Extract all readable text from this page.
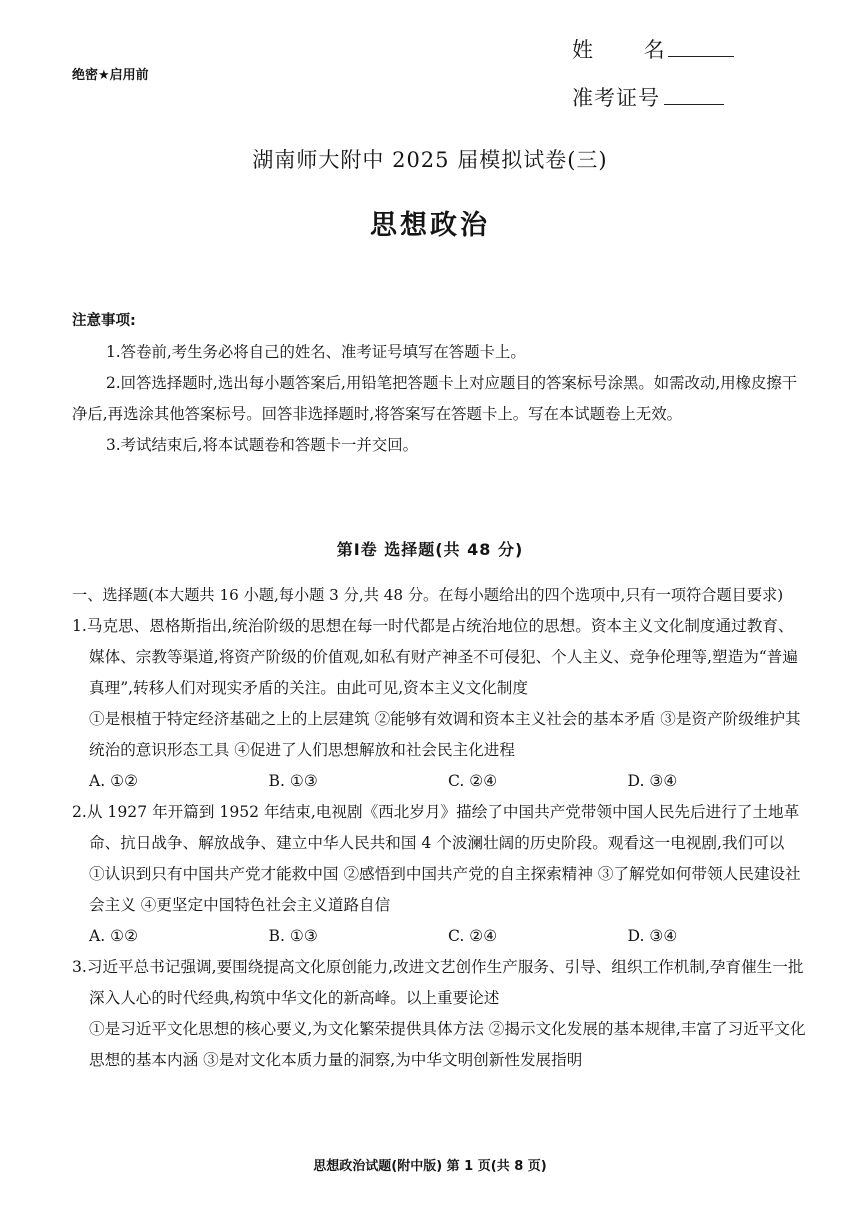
绝密★启用前
姓 名
准考证号
湖南师大附中 2025 届模拟试卷(三)
思想政治

注意事项:

1.答卷前,考生务必将自己的姓名、准考证号填写在答题卡上。

2.回答选择题时,选出每小题答案后,用铅笔把答题卡上对应题目的答案标号涂黑。如需改动,用橡皮擦干净后,再选涂其他答案标号。回答非选择题时,将答案写在答题卡上。写在本试题卷上无效。

3.考试结束后,将本试题卷和答题卡一并交回。

第Ⅰ卷 选择题(共 48 分)

一、选择题(本大题共 16 小题,每小题 3 分,共 48 分。在每小题给出的四个选项中,只有一项符合题目要求)

1.马克思、恩格斯指出,统治阶级的思想在每一时代都是占统治地位的思想。资本主义文化制度通过教育、媒体、宗教等渠道,将资产阶级的价值观,如私有财产神圣不可侵犯、个人主义、竞争伦理等,塑造为“普遍真理”,转移人们对现实矛盾的关注。由此可见,资本主义文化制度

①是根植于特定经济基础之上的上层建筑 ②能够有效调和资本主义社会的基本矛盾 ③是资产阶级维护其统治的意识形态工具 ④促进了人们思想解放和社会民主化进程

A. ①②	B. ①③	C. ②④	D. ③④

2.从 1927 年开篇到 1952 年结束,电视剧《西北岁月》描绘了中国共产党带领中国人民先后进行了土地革命、抗日战争、解放战争、建立中华人民共和国 4 个波澜壮阔的历史阶段。观看这一电视剧,我们可以

①认识到只有中国共产党才能救中国 ②感悟到中国共产党的自主探索精神 ③了解党如何带领人民建设社会主义 ④更坚定中国特色社会主义道路自信

A. ①②	B. ①③	C. ②④	D. ③④

3.习近平总书记强调,要围绕提高文化原创能力,改进文艺创作生产服务、引导、组织工作机制,孕育催生一批深入人心的时代经典,构筑中华文化的新高峰。以上重要论述

①是习近平文化思想的核心要义,为文化繁荣提供具体方法 ②揭示文化发展的基本规律,丰富了习近平文化思想的基本内涵 ③是对文化本质力量的洞察,为中华文明创新性发展指明

思想政治试题(附中版) 第 1 页(共 8 页)
